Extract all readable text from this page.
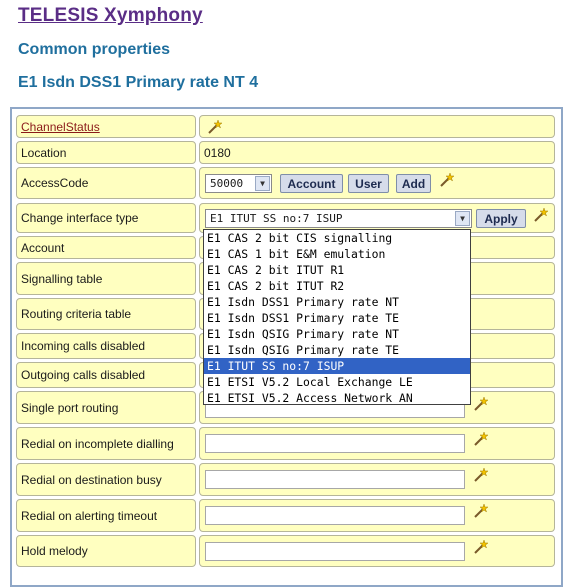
TELESIS Xymphony
Common properties
E1 Isdn DSS1 Primary rate NT 4
ChannelStatus
Location	0180
AccessCode	50000	▼	Account	User	Add
Change interface type	E1 ITUT SS no:7 ISUP	▼	Apply
Account
Signalling table
Routing criteria table
Incoming calls disabled
Outgoing calls disabled
Single port routing
Redial on incomplete dialling
Redial on destination busy
Redial on alerting timeout
Hold melody
E1 CAS 2 bit CIS signalling
E1 CAS 1 bit E&M emulation
E1 CAS 2 bit ITUT R1
E1 CAS 2 bit ITUT R2
E1 Isdn DSS1 Primary rate NT
E1 Isdn DSS1 Primary rate TE
E1 Isdn QSIG Primary rate NT
E1 Isdn QSIG Primary rate TE
E1 ITUT SS no:7 ISUP
E1 ETSI V5.2 Local Exchange LE
E1 ETSI V5.2 Access Network AN
